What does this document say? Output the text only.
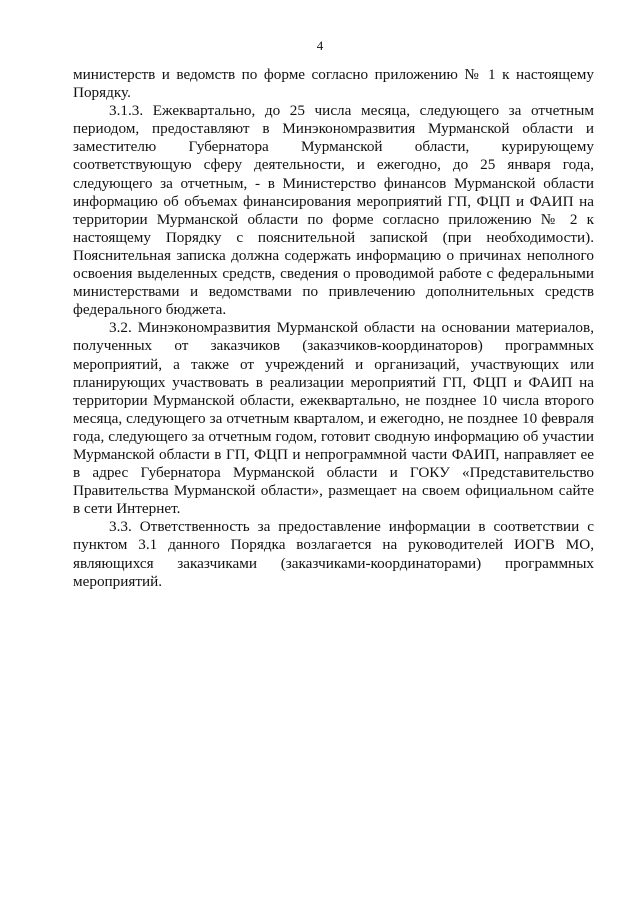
4

министерств и ведомств по форме согласно приложению № 1 к настоящему Порядку.

3.1.3. Ежеквартально, до 25 числа месяца, следующего за отчетным периодом, предоставляют в Минэкономразвития Мурманской области и заместителю Губернатора Мурманской области, курирующему соответствующую сферу деятельности, и ежегодно, до 25 января года, следующего за отчетным, - в Министерство финансов Мурманской области информацию об объемах финансирования мероприятий ГП, ФЦП и ФАИП на территории Мурманской области по форме согласно приложению № 2 к настоящему Порядку с пояснительной запиской (при необходимости). Пояснительная записка должна содержать информацию о причинах неполного освоения выделенных средств, сведения о проводимой работе с федеральными министерствами и ведомствами по привлечению дополнительных средств федерального бюджета.

3.2. Минэкономразвития Мурманской области на основании материалов, полученных от заказчиков (заказчиков-координаторов) программных мероприятий, а также от учреждений и организаций, участвующих или планирующих участвовать в реализации мероприятий ГП, ФЦП и ФАИП на территории Мурманской области, ежеквартально, не позднее 10 числа второго месяца, следующего за отчетным кварталом, и ежегодно, не позднее 10 февраля года, следующего за отчетным годом, готовит сводную информацию об участии Мурманской области в ГП, ФЦП и непрограммной части ФАИП, направляет ее в адрес Губернатора Мурманской области и ГОКУ «Представительство Правительства Мурманской области», размещает на своем официальном сайте в сети Интернет.

3.3. Ответственность за предоставление информации в соответствии с пунктом 3.1 данного Порядка возлагается на руководителей ИОГВ МО, являющихся заказчиками (заказчиками-координаторами) программных мероприятий.
